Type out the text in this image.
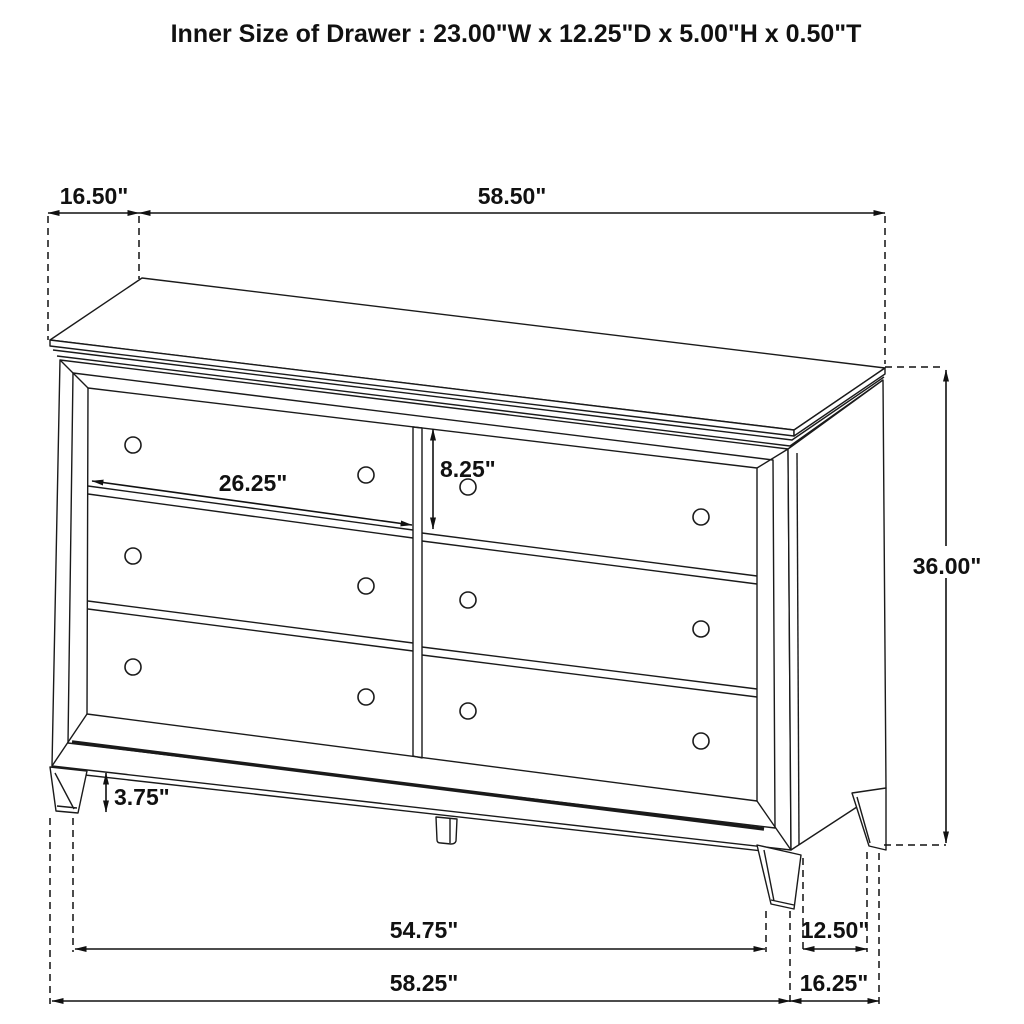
Inner Size of Drawer : 23.00"W x 12.25"D x 5.00"H x 0.50"T
16.50"	58.50"
36.00"
26.25"
8.25"
3.75"
54.75"	12.50"
58.25"	16.25"
